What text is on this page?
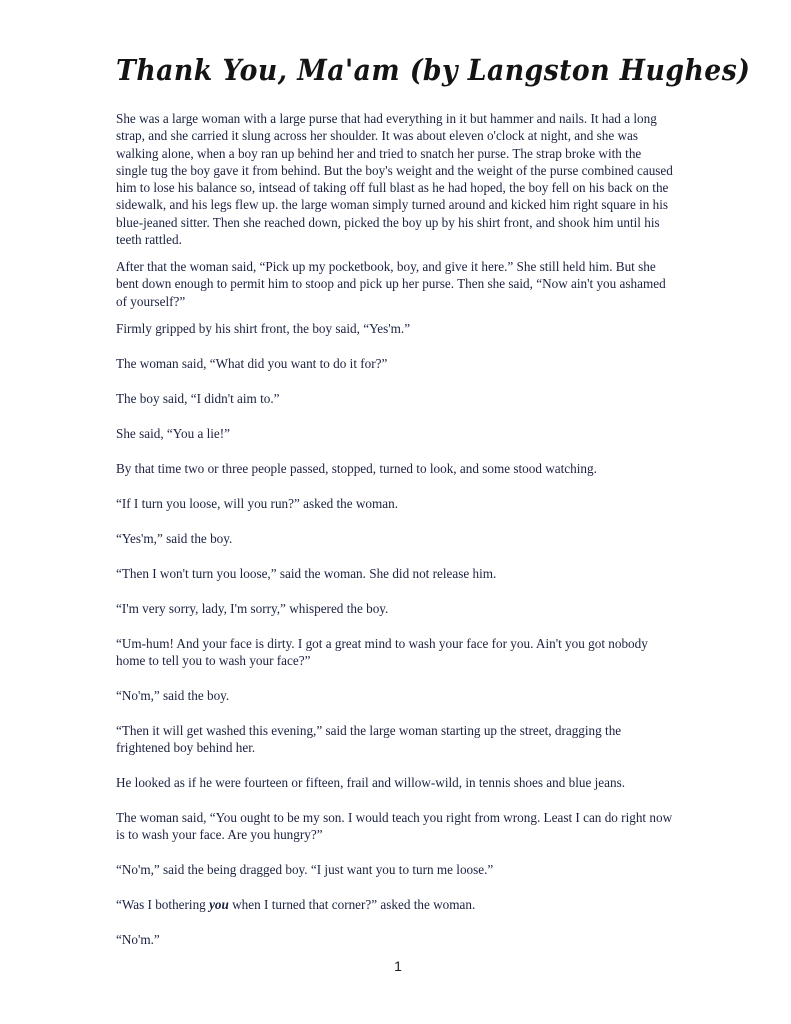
Thank You, Ma'am (by Langston Hughes)

She was a large woman with a large purse that had everything in it but hammer and nails. It had a long strap, and she carried it slung across her shoulder. It was about eleven o'clock at night, and she was walking alone, when a boy ran up behind her and tried to snatch her purse. The strap broke with the single tug the boy gave it from behind. But the boy's weight and the weight of the purse combined caused him to lose his balance so, intsead of taking off full blast as he had hoped, the boy fell on his back on the sidewalk, and his legs flew up. the large woman simply turned around and kicked him right square in his blue-jeaned sitter. Then she reached down, picked the boy up by his shirt front, and shook him until his teeth rattled.

After that the woman said, “Pick up my pocketbook, boy, and give it here.” She still held him. But she bent down enough to permit him to stoop and pick up her purse. Then she said, “Now ain't you ashamed of yourself?”

Firmly gripped by his shirt front, the boy said, “Yes'm.”

The woman said, “What did you want to do it for?”

The boy said, “I didn't aim to.”

She said, “You a lie!”

By that time two or three people passed, stopped, turned to look, and some stood watching.

“If I turn you loose, will you run?” asked the woman.

“Yes'm,” said the boy.

“Then I won't turn you loose,” said the woman. She did not release him.

“I'm very sorry, lady, I'm sorry,” whispered the boy.

“Um-hum! And your face is dirty. I got a great mind to wash your face for you. Ain't you got nobody home to tell you to wash your face?”

“No'm,” said the boy.

“Then it will get washed this evening,” said the large woman starting up the street, dragging the frightened boy behind her.

He looked as if he were fourteen or fifteen, frail and willow-wild, in tennis shoes and blue jeans.

The woman said, “You ought to be my son. I would teach you right from wrong. Least I can do right now is to wash your face. Are you hungry?”

“No'm,” said the being dragged boy. “I just want you to turn me loose.”

“Was I bothering you when I turned that corner?” asked the woman.

“No'm.”

1
